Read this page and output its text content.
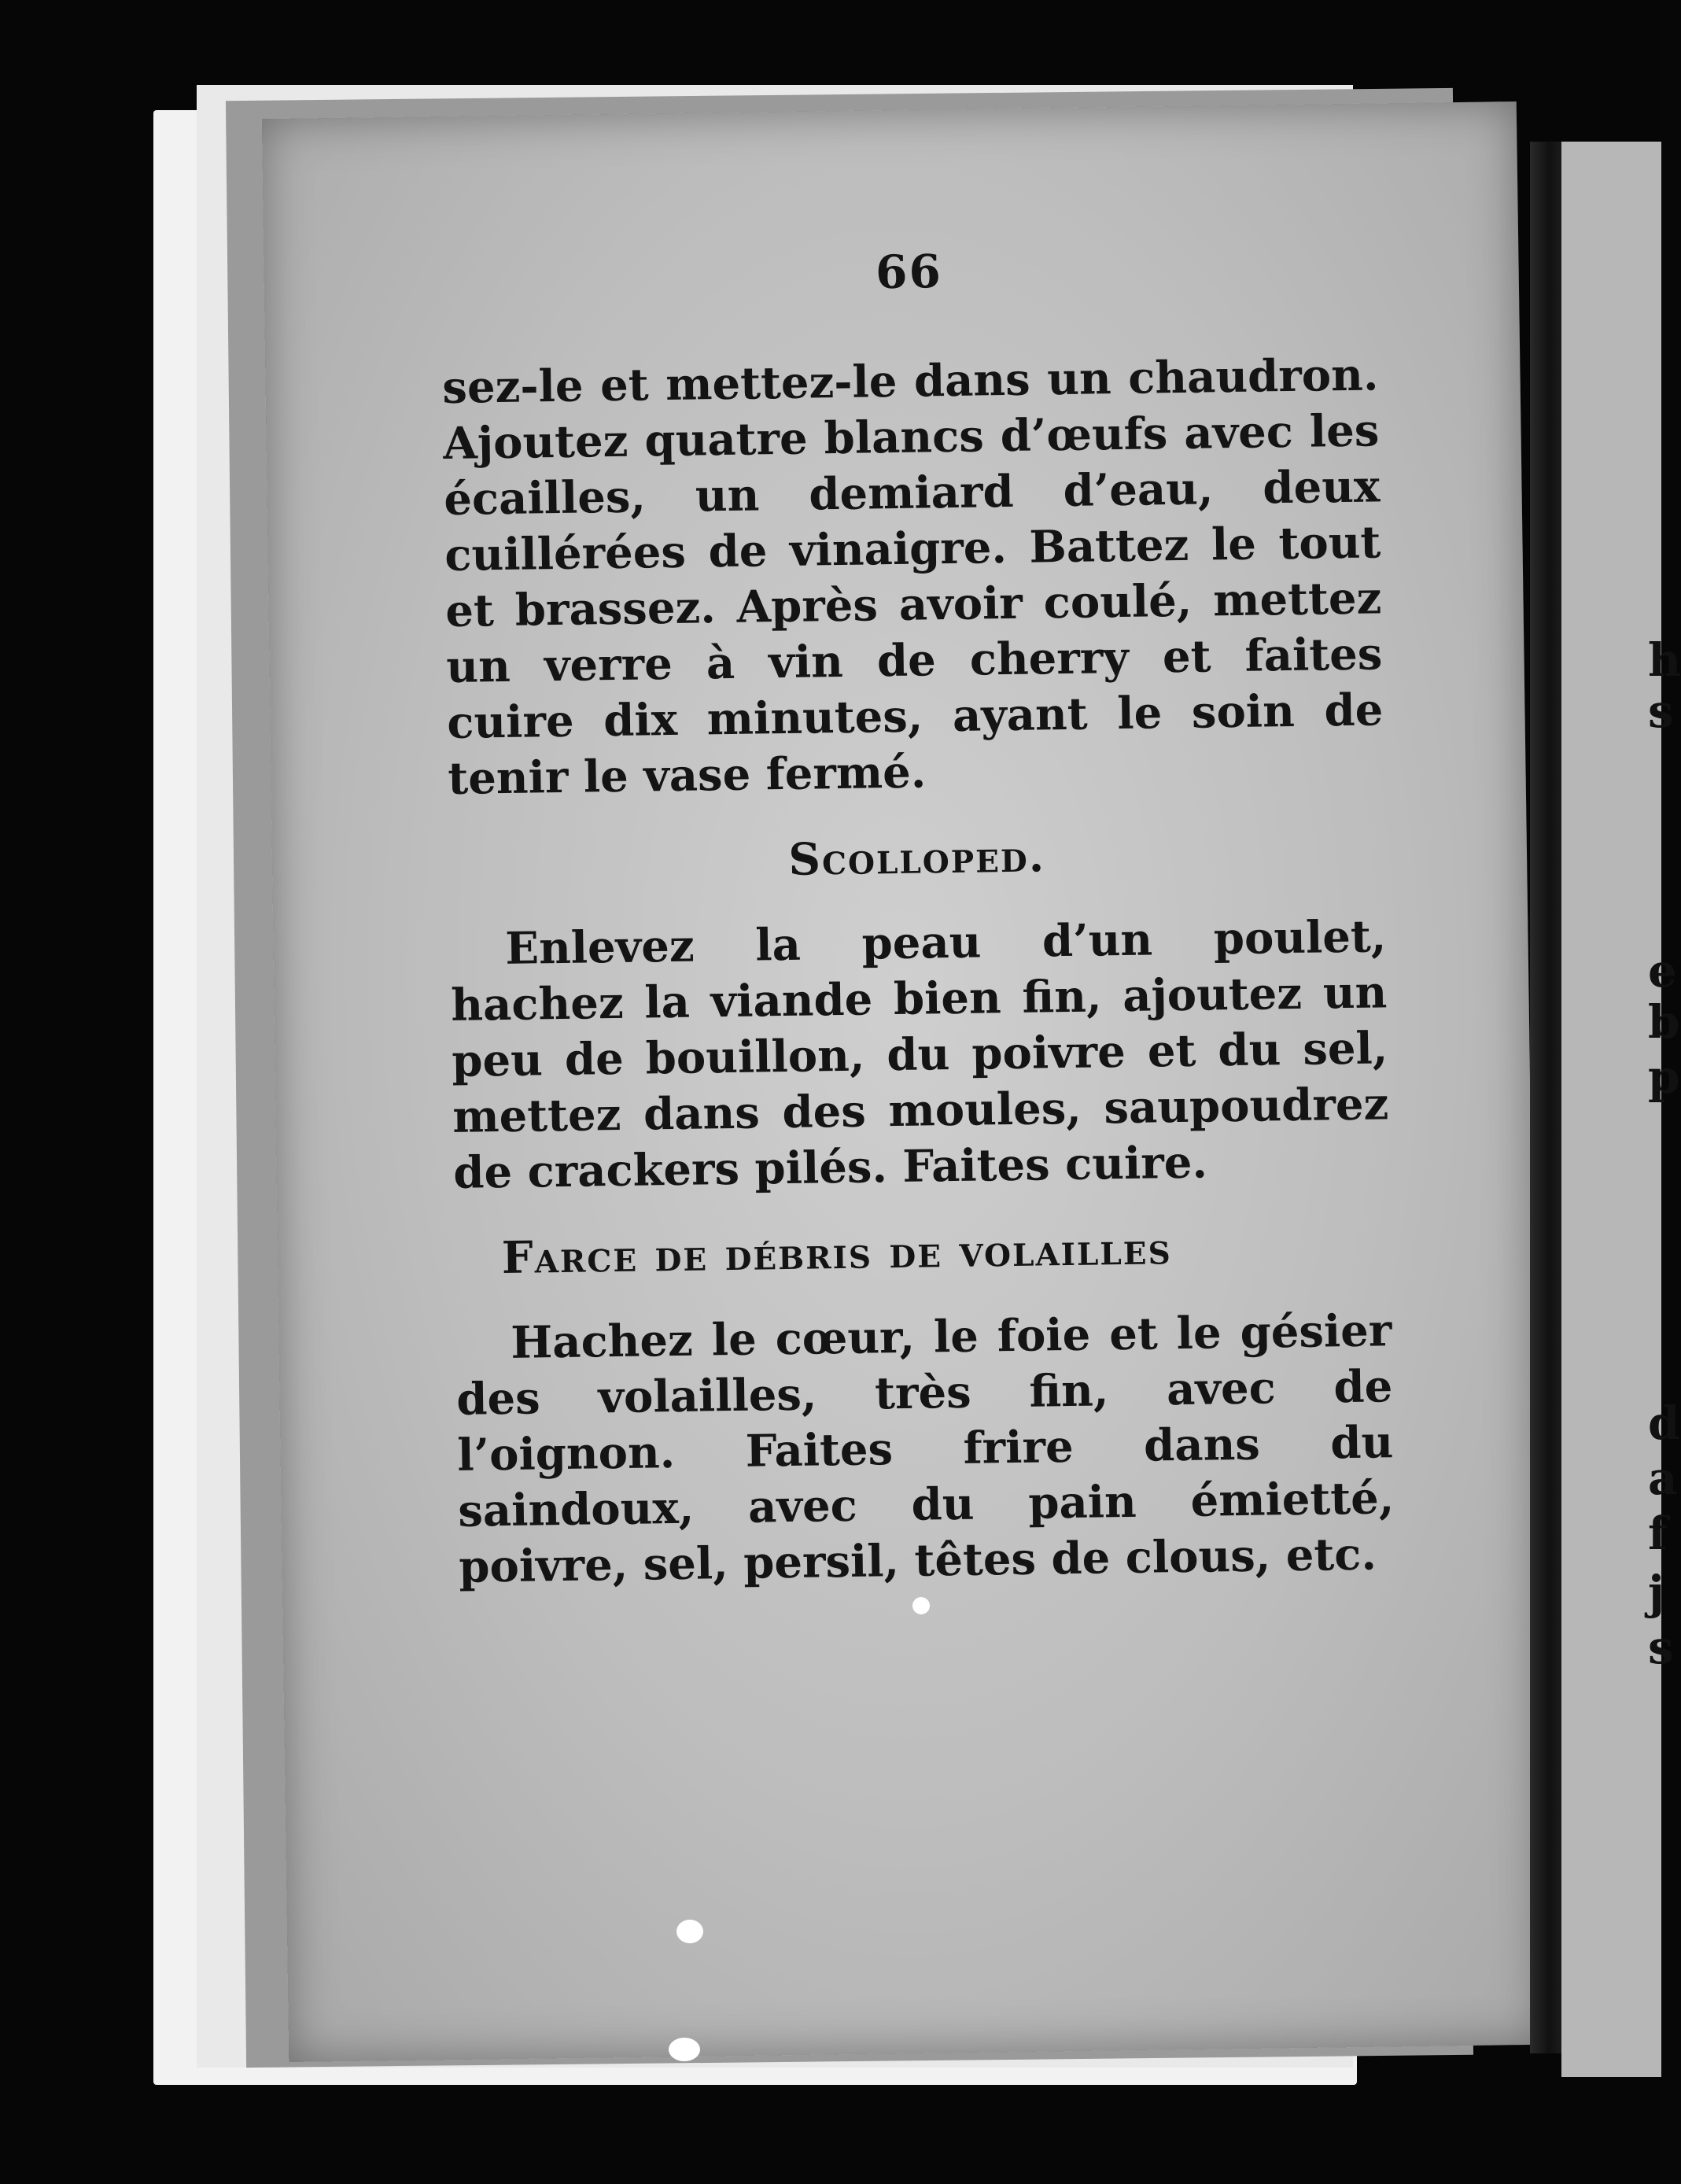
h
s
e
b
p
d
a
f
j
s
66

sez-le et mettez-le dans un chaudron. Ajoutez quatre blancs d’œufs avec les écailles, un demiard d’eau, deux cuillérées de vinaigre. Battez le tout et brassez. Après avoir coulé, mettez un verre à vin de cherry et faites cuire dix minutes, ayant le soin de tenir le vase fermé.

Scolloped.

Enlevez la peau d’un poulet, hachez la viande bien fin, ajoutez un peu de bouillon, du poivre et du sel, mettez dans des moules, saupoudrez de crackers pilés. Faites cuire.

Farce de débris de volailles

Hachez le cœur, le foie et le gésier des volailles, très fin, avec de l’oignon. Faites frire dans du saindoux, avec du pain émietté, poivre, sel, persil, têtes de clous, etc.
